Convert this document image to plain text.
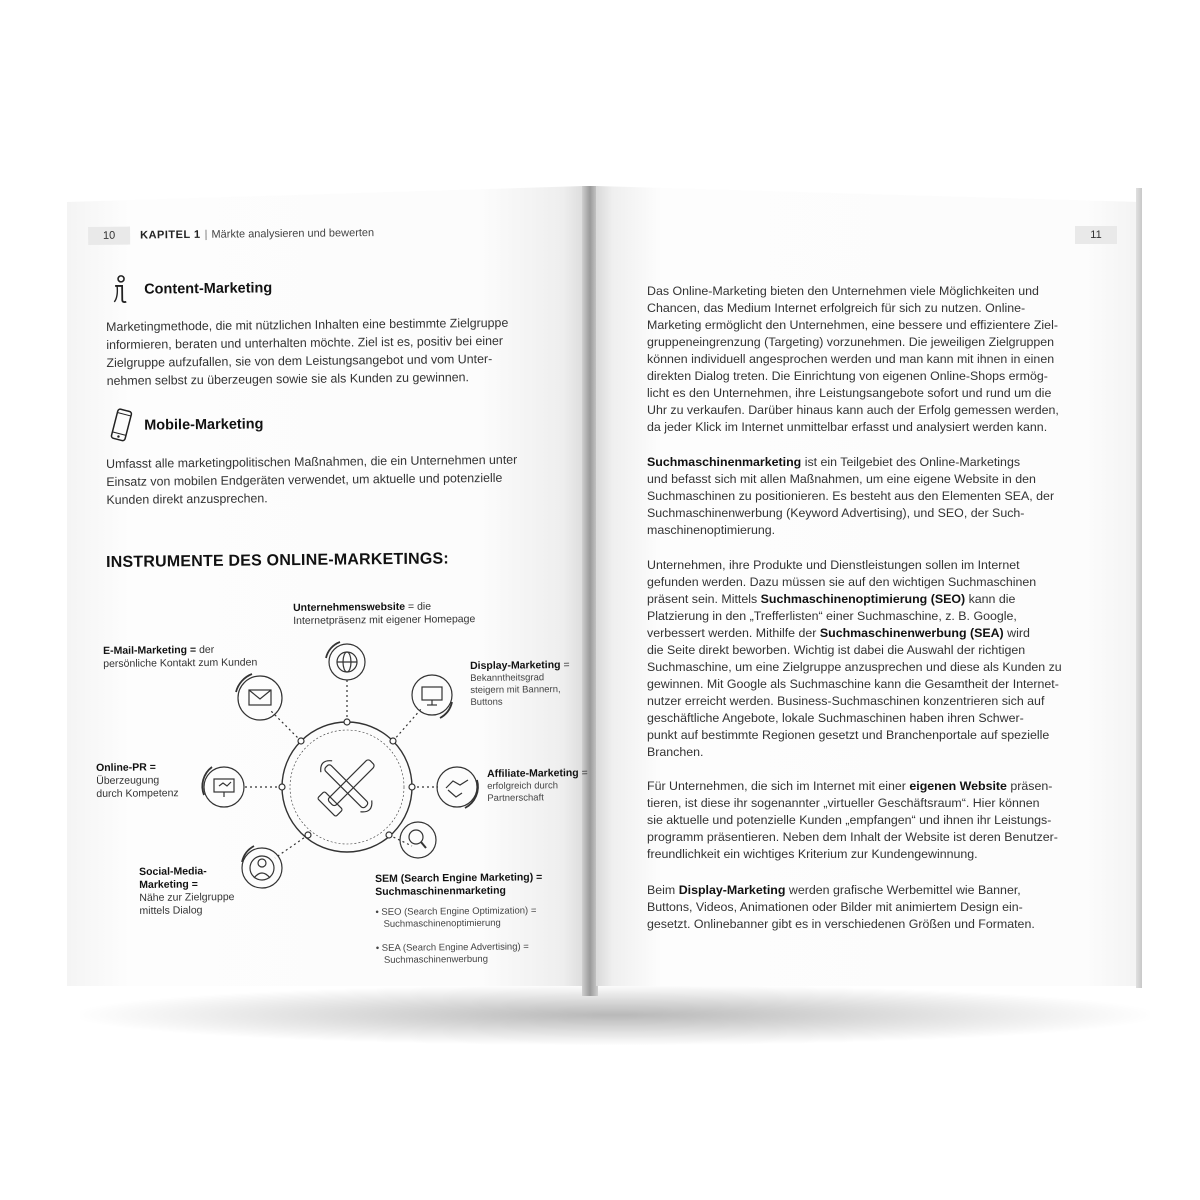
10	KAPITEL 1 | Märkte analysieren und bewerten
Content-Marketing
Marketingmethode, die mit nützlichen Inhalten eine bestimmte Zielgruppe
informieren, beraten und unterhalten möchte. Ziel ist es, positiv bei einer
Zielgruppe aufzufallen, sie von dem Leistungsangebot und vom Unter-
nehmen selbst zu überzeugen sowie sie als Kunden zu gewinnen.
Mobile-Marketing
Umfasst alle marketingpolitischen Maßnahmen, die ein Unternehmen unter
Einsatz von mobilen Endgeräten verwendet, um aktuelle und potenzielle
Kunden direkt anzusprechen.
INSTRUMENTE DES ONLINE-MARKETINGS:
Unternehmenswebsite = die
Internetpräsenz mit eigener Homepage
E-Mail-Marketing = der
persönliche Kontakt zum Kunden	Display-Marketing =
Bekanntheitsgrad
steigern mit Bannern,
Buttons
Online-PR =
Überzeugung
durch Kompetenz
Affiliate-Marketing =
erfolgreich durch
Partnerschaft
Social-Media-
Marketing =
Nähe zur Zielgruppe
mittels Dialog
SEM (Search Engine Marketing) =
Suchmaschinenmarketing
• SEO (Search Engine Optimization) =
Suchmaschinenoptimierung
• SEA (Search Engine Advertising) =
Suchmaschinenwerbung
11

Das Online-Marketing bieten den Unternehmen viele Möglichkeiten und

Chancen, das Medium Internet erfolgreich für sich zu nutzen. Online-

Marketing ermöglicht den Unternehmen, eine bessere und effizientere Ziel-

gruppeneingrenzung (Targeting) vorzunehmen. Die jeweiligen Zielgruppen

können individuell angesprochen werden und man kann mit ihnen in einen

direkten Dialog treten. Die Einrichtung von eigenen Online-Shops ermög-

licht es den Unternehmen, ihre Leistungsangebote sofort und rund um die

Uhr zu verkaufen. Darüber hinaus kann auch der Erfolg gemessen werden,

da jeder Klick im Internet unmittelbar erfasst und analysiert werden kann.

Suchmaschinenmarketing ist ein Teilgebiet des Online-Marketings

und befasst sich mit allen Maßnahmen, um eine eigene Website in den

Suchmaschinen zu positionieren. Es besteht aus den Elementen SEA, der

Suchmaschinenwerbung (Keyword Advertising), und SEO, der Such-

maschinenoptimierung.

Unternehmen, ihre Produkte und Dienstleistungen sollen im Internet

gefunden werden. Dazu müssen sie auf den wichtigen Suchmaschinen

präsent sein. Mittels Suchmaschinenoptimierung (SEO) kann die

Platzierung in den „Trefferlisten“ einer Suchmaschine, z. B. Google,

verbessert werden. Mithilfe der Suchmaschinenwerbung (SEA) wird

die Seite direkt beworben. Wichtig ist dabei die Auswahl der richtigen

Suchmaschine, um eine Zielgruppe anzusprechen und diese als Kunden zu

gewinnen. Mit Google als Suchmaschine kann die Gesamtheit der Internet-

nutzer erreicht werden. Business-Suchmaschinen konzentrieren sich auf

geschäftliche Angebote, lokale Suchmaschinen haben ihren Schwer-

punkt auf bestimmte Regionen gesetzt und Branchenportale auf spezielle

Branchen.

Für Unternehmen, die sich im Internet mit einer eigenen Website präsen-

tieren, ist diese ihr sogenannter „virtueller Geschäftsraum“. Hier können

sie aktuelle und potenzielle Kunden „empfangen“ und ihnen ihr Leistungs-

programm präsentieren. Neben dem Inhalt der Website ist deren Benutzer-

freundlichkeit ein wichtiges Kriterium zur Kundengewinnung.

Beim Display-Marketing werden grafische Werbemittel wie Banner,

Buttons, Videos, Animationen oder Bilder mit animiertem Design ein-

gesetzt. Onlinebanner gibt es in verschiedenen Größen und Formaten.
